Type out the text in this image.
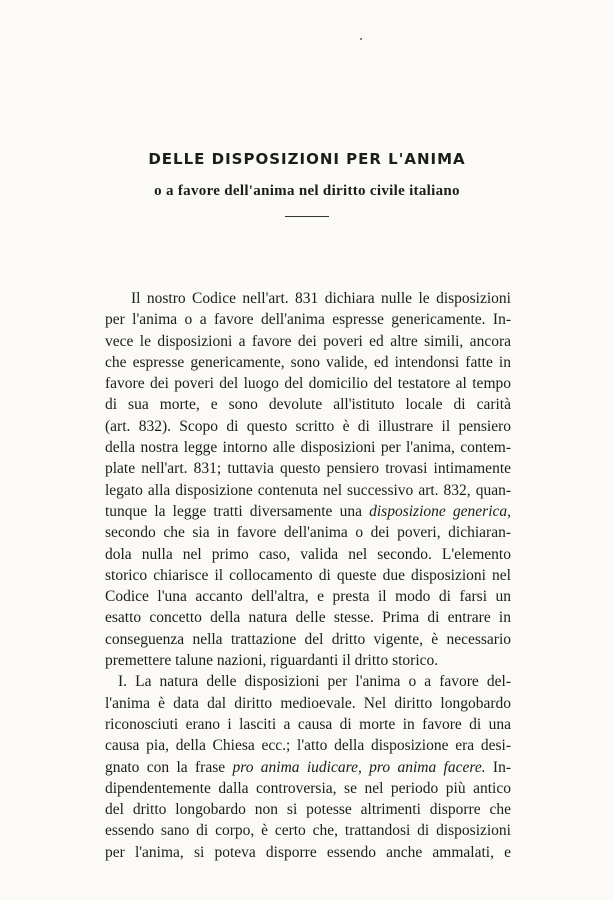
DELLE DISPOSIZIONI PER L'ANIMA
o a favore dell'anima nel diritto civile italiano
Il nostro Codice nell'art. 831 dichiara nulle le disposizioni
per l'anima o a favore dell'anima espresse genericamente. In-
vece le disposizioni a favore dei poveri ed altre simili, ancora
che espresse genericamente, sono valide, ed intendonsi fatte in
favore dei poveri del luogo del domicilio del testatore al tempo
di sua morte, e sono devolute all'istituto locale di carità
(art. 832). Scopo di questo scritto è di illustrare il pensiero
della nostra legge intorno alle disposizioni per l'anima, contem-
plate nell'art. 831; tuttavia questo pensiero trovasi intimamente
legato alla disposizione contenuta nel successivo art. 832, quan-
tunque la legge tratti diversamente una disposizione generica,
secondo che sia in favore dell'anima o dei poveri, dichiaran-
dola nulla nel primo caso, valida nel secondo. L'elemento
storico chiarisce il collocamento di queste due disposizioni nel
Codice l'una accanto dell'altra, e presta il modo di farsi un
esatto concetto della natura delle stesse. Prima di entrare in
conseguenza nella trattazione del dritto vigente, è necessario
premettere talune nazioni, riguardanti il dritto storico.
I. La natura delle disposizioni per l'anima o a favore del-
l'anima è data dal diritto medioevale. Nel diritto longobardo
riconosciuti erano i lasciti a causa di morte in favore di una
causa pia, della Chiesa ecc.; l'atto della disposizione era desi-
gnato con la frase pro anima iudicare, pro anima facere. In-
dipendentemente dalla controversia, se nel periodo più antico
del dritto longobardo non si potesse altrimenti disporre che
essendo sano di corpo, è certo che, trattandosi di disposizioni
per l'anima, si poteva disporre essendo anche ammalati, e
